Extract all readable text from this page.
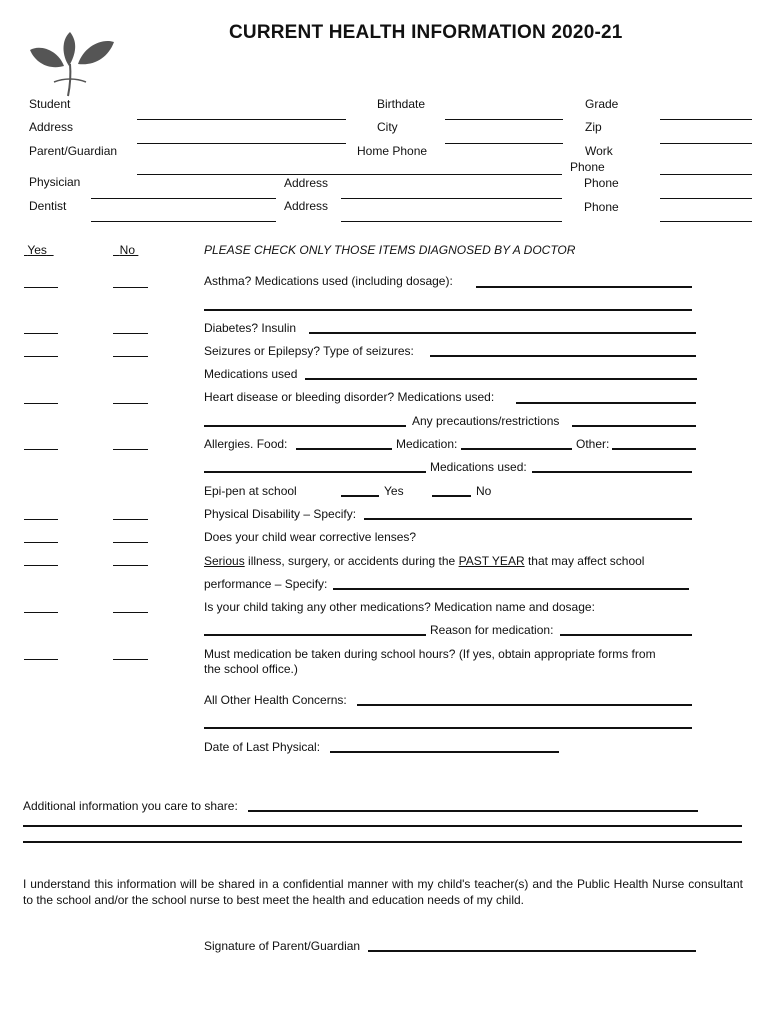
CURRENT HEALTH INFORMATION 2020-21
Student	Birthdate	Grade
Address	City	Zip
Parent/Guardian	Home Phone	Work
Phone
Physician	Address	Phone
Dentist	Address	Phone
Yes	No	PLEASE CHECK ONLY THOSE ITEMS DIAGNOSED BY A DOCTOR
Asthma? Medications used (including dosage):
Diabetes? Insulin
Seizures or Epilepsy? Type of seizures:
Medications used
Heart disease or bleeding disorder? Medications used:
Any precautions/restrictions
Allergies. Food:	Medication:	Other:
Medications used:
Epi-pen at school	Yes	No
Physical Disability – Specify:
Does your child wear corrective lenses?
Serious illness, surgery, or accidents during the PAST YEAR that may affect school
performance – Specify:
Is your child taking any other medications? Medication name and dosage:
Reason for medication:
Must medication be taken during school hours? (If yes, obtain appropriate forms from
the school office.)
All Other Health Concerns:
Date of Last Physical:
Additional information you care to share:
I understand this information will be shared in a confidential manner with my child's teacher(s) and the Public Health Nurse consultant to the school and/or the school nurse to best meet the health and education needs of my child.
Signature of Parent/Guardian
